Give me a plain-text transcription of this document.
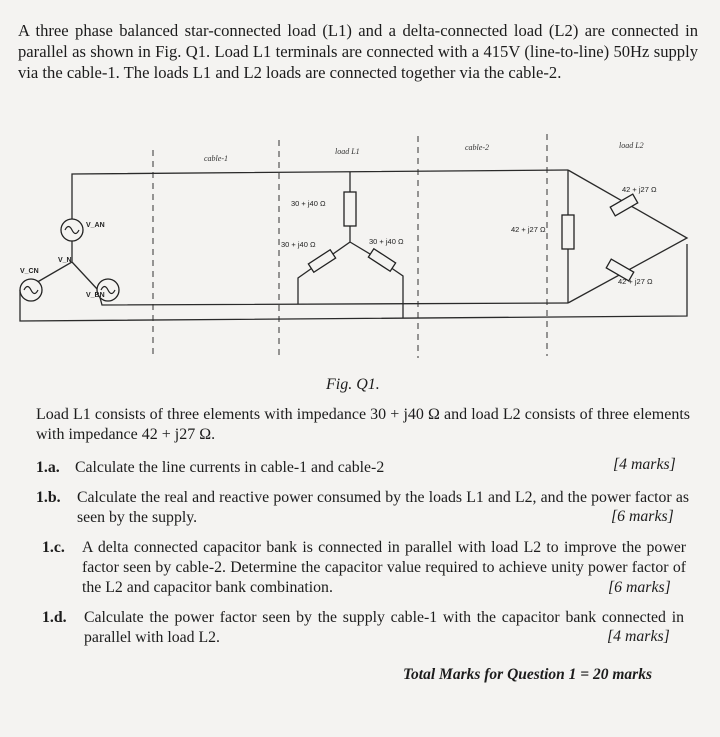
A three phase balanced star-connected load (L1) and a delta-connected load (L2) are connected in parallel as shown in Fig. Q1. Load L1 terminals are connected with a 415V (line-to-line) 50Hz supply via the cable-1. The loads L1 and L2 loads are connected together via the cable-2.

cable-1
load L1	cable-2	load L2
30 + j40 Ω
30 + j40 Ω	30 + j40 Ω
42 + j27 Ω
42 + j27 Ω
42 + j27 Ω
V_AN
V_N
V_CN
V_BN
Fig. Q1.

Load L1 consists of three elements with impedance 30 + j40 Ω and load L2 consists of three elements with impedance 42 + j27 Ω.

1.a. Calculate the line currents in cable-1 and cable-2	[4 marks]
1.b. Calculate the real and reactive power consumed by the loads L1 and L2, and the power factor as seen by the supply.	[6 marks]
1.c. A delta connected capacitor bank is connected in parallel with load L2 to improve the power factor seen by cable-2. Determine the capacitor value required to achieve unity power factor of the L2 and capacitor bank combination.	[6 marks]
1.d. Calculate the power factor seen by the supply cable-1 with the capacitor bank connected in parallel with load L2.	[4 marks]
Total Marks for Question 1 = 20 marks
